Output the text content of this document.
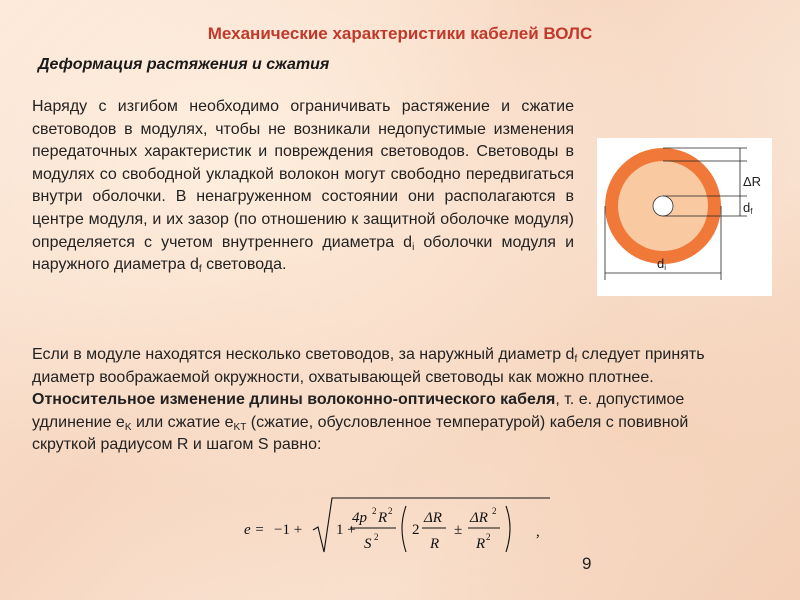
Механические характеристики кабелей ВОЛС
Деформация растяжения и сжатия
Наряду с изгибом необходимо ограничивать растяжение и сжатие световодов в модулях, чтобы не возникали недопустимые изменения передаточных характеристик и повреждения световодов. Световоды в модулях со свободной укладкой волокон могут свободно передвигаться внутри оболочки. В ненагруженном состоянии они располагаются в центре модуля, и их зазор (по отношению к защитной оболочке модуля) определяется с учетом внутреннего диаметра $d_i$ оболочки модуля и наружного диаметра $d_f$ световода.
ΔR
df
di

Если в модуле находятся несколько световодов, за наружный диаметр $d_f$ следует принять диаметр воображаемой окружности, охватывающей световоды как можно плотнее.

Относительное изменение длины волоконно-оптического кабеля, т. е. допустимое удлинение $e_K$ или сжатие $e_{KT}$ (сжатие, обусловленное температурой) кабеля с повивной скруткой радиусом R и шагом S равно:

e = −1 + 1 +
4p 2 R 2
S 2 2
ΔR
R
±
ΔR 2
R 2	,
9
